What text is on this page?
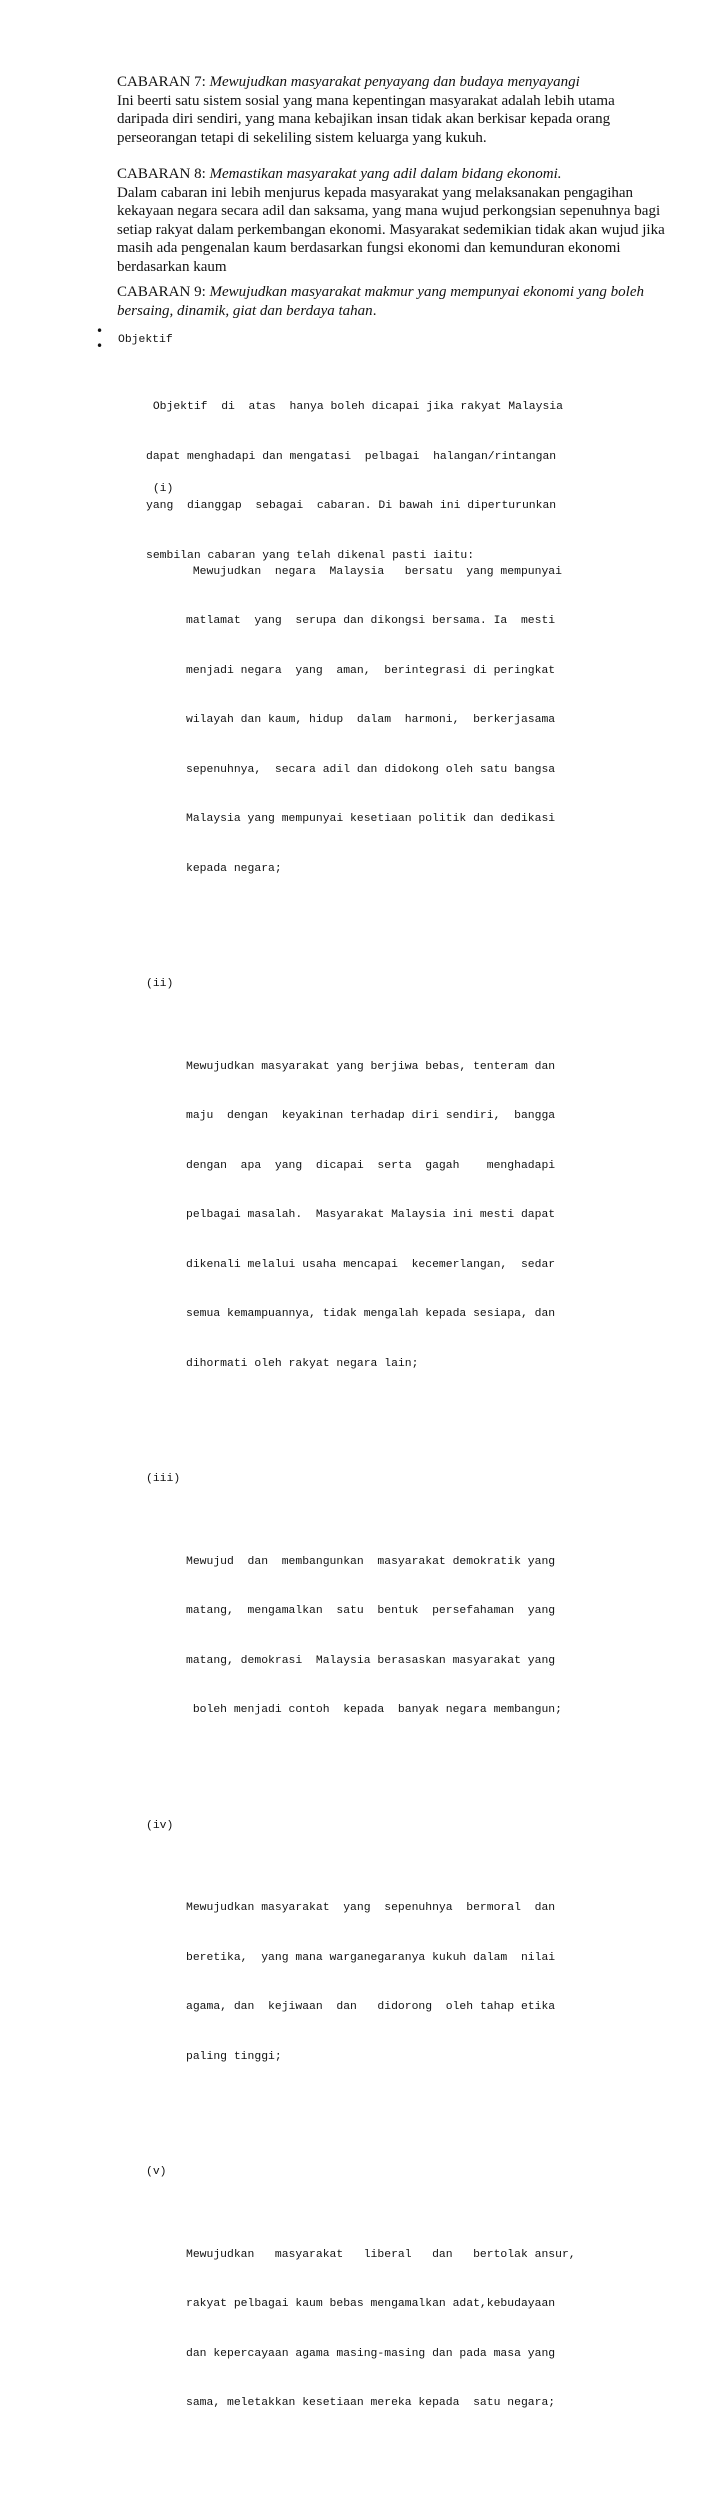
CABARAN 7: Mewujudkan masyarakat penyayang dan budaya menyayangi

Ini beerti satu sistem sosial yang mana kepentingan masyarakat adalah lebih utama

daripada diri sendiri, yang mana kebajikan insan tidak akan berkisar kepada orang

perseorangan tetapi di sekeliling sistem keluarga yang kukuh.

CABARAN 8: Memastikan masyarakat yang adil dalam bidang ekonomi.

Dalam cabaran ini lebih menjurus kepada masyarakat yang melaksanakan pengagihan

kekayaan negara secara adil dan saksama, yang mana wujud perkongsian sepenuhnya bagi

setiap rakyat dalam perkembangan ekonomi. Masyarakat sedemikian tidak akan wujud jika

masih ada pengenalan kaum berdasarkan fungsi ekonomi dan kemunduran ekonomi

berdasarkan kaum

CABARAN 9: Mewujudkan masyarakat makmur yang mempunyai ekonomi yang boleh

bersaing, dinamik, giat dan berdaya tahan.

•
• Objektif

Objektif  di  atas  hanya boleh dicapai jika rakyat Malaysia

dapat menghadapi dan mengatasi  pelbagai  halangan/rintangan

yang  dianggap  sebagai  cabaran. Di bawah ini diperturunkan

sembilan cabaran yang telah dikenal pasti iaitu:

(i)

Mewujudkan  negara  Malaysia   bersatu  yang mempunyai

matlamat  yang  serupa dan dikongsi bersama. Ia  mesti

menjadi negara  yang  aman,  berintegrasi di peringkat

wilayah dan kaum, hidup  dalam  harmoni,  berkerjasama

sepenuhnya,  secara adil dan didokong oleh satu bangsa

Malaysia yang mempunyai kesetiaan politik dan dedikasi

kepada negara;

(ii)

Mewujudkan masyarakat yang berjiwa bebas, tenteram dan

maju  dengan  keyakinan terhadap diri sendiri,  bangga

dengan  apa  yang  dicapai  serta  gagah    menghadapi

pelbagai masalah.  Masyarakat Malaysia ini mesti dapat

dikenali melalui usaha mencapai  kecemerlangan,  sedar

semua kemampuannya, tidak mengalah kepada sesiapa, dan

dihormati oleh rakyat negara lain;

(iii)

Mewujud  dan  membangunkan  masyarakat demokratik yang

matang,  mengamalkan  satu  bentuk  persefahaman  yang

matang, demokrasi  Malaysia berasaskan masyarakat yang

boleh menjadi contoh  kepada  banyak negara membangun;

(iv)

Mewujudkan masyarakat  yang  sepenuhnya  bermoral  dan

beretika,  yang mana warganegaranya kukuh dalam  nilai

agama, dan  kejiwaan  dan   didorong  oleh tahap etika

paling tinggi;

(v)

Mewujudkan   masyarakat   liberal   dan   bertolak ansur,

rakyat pelbagai kaum bebas mengamalkan adat,kebudayaan

dan kepercayaan agama masing-masing dan pada masa yang

sama, meletakkan kesetiaan mereka kepada  satu negara;
